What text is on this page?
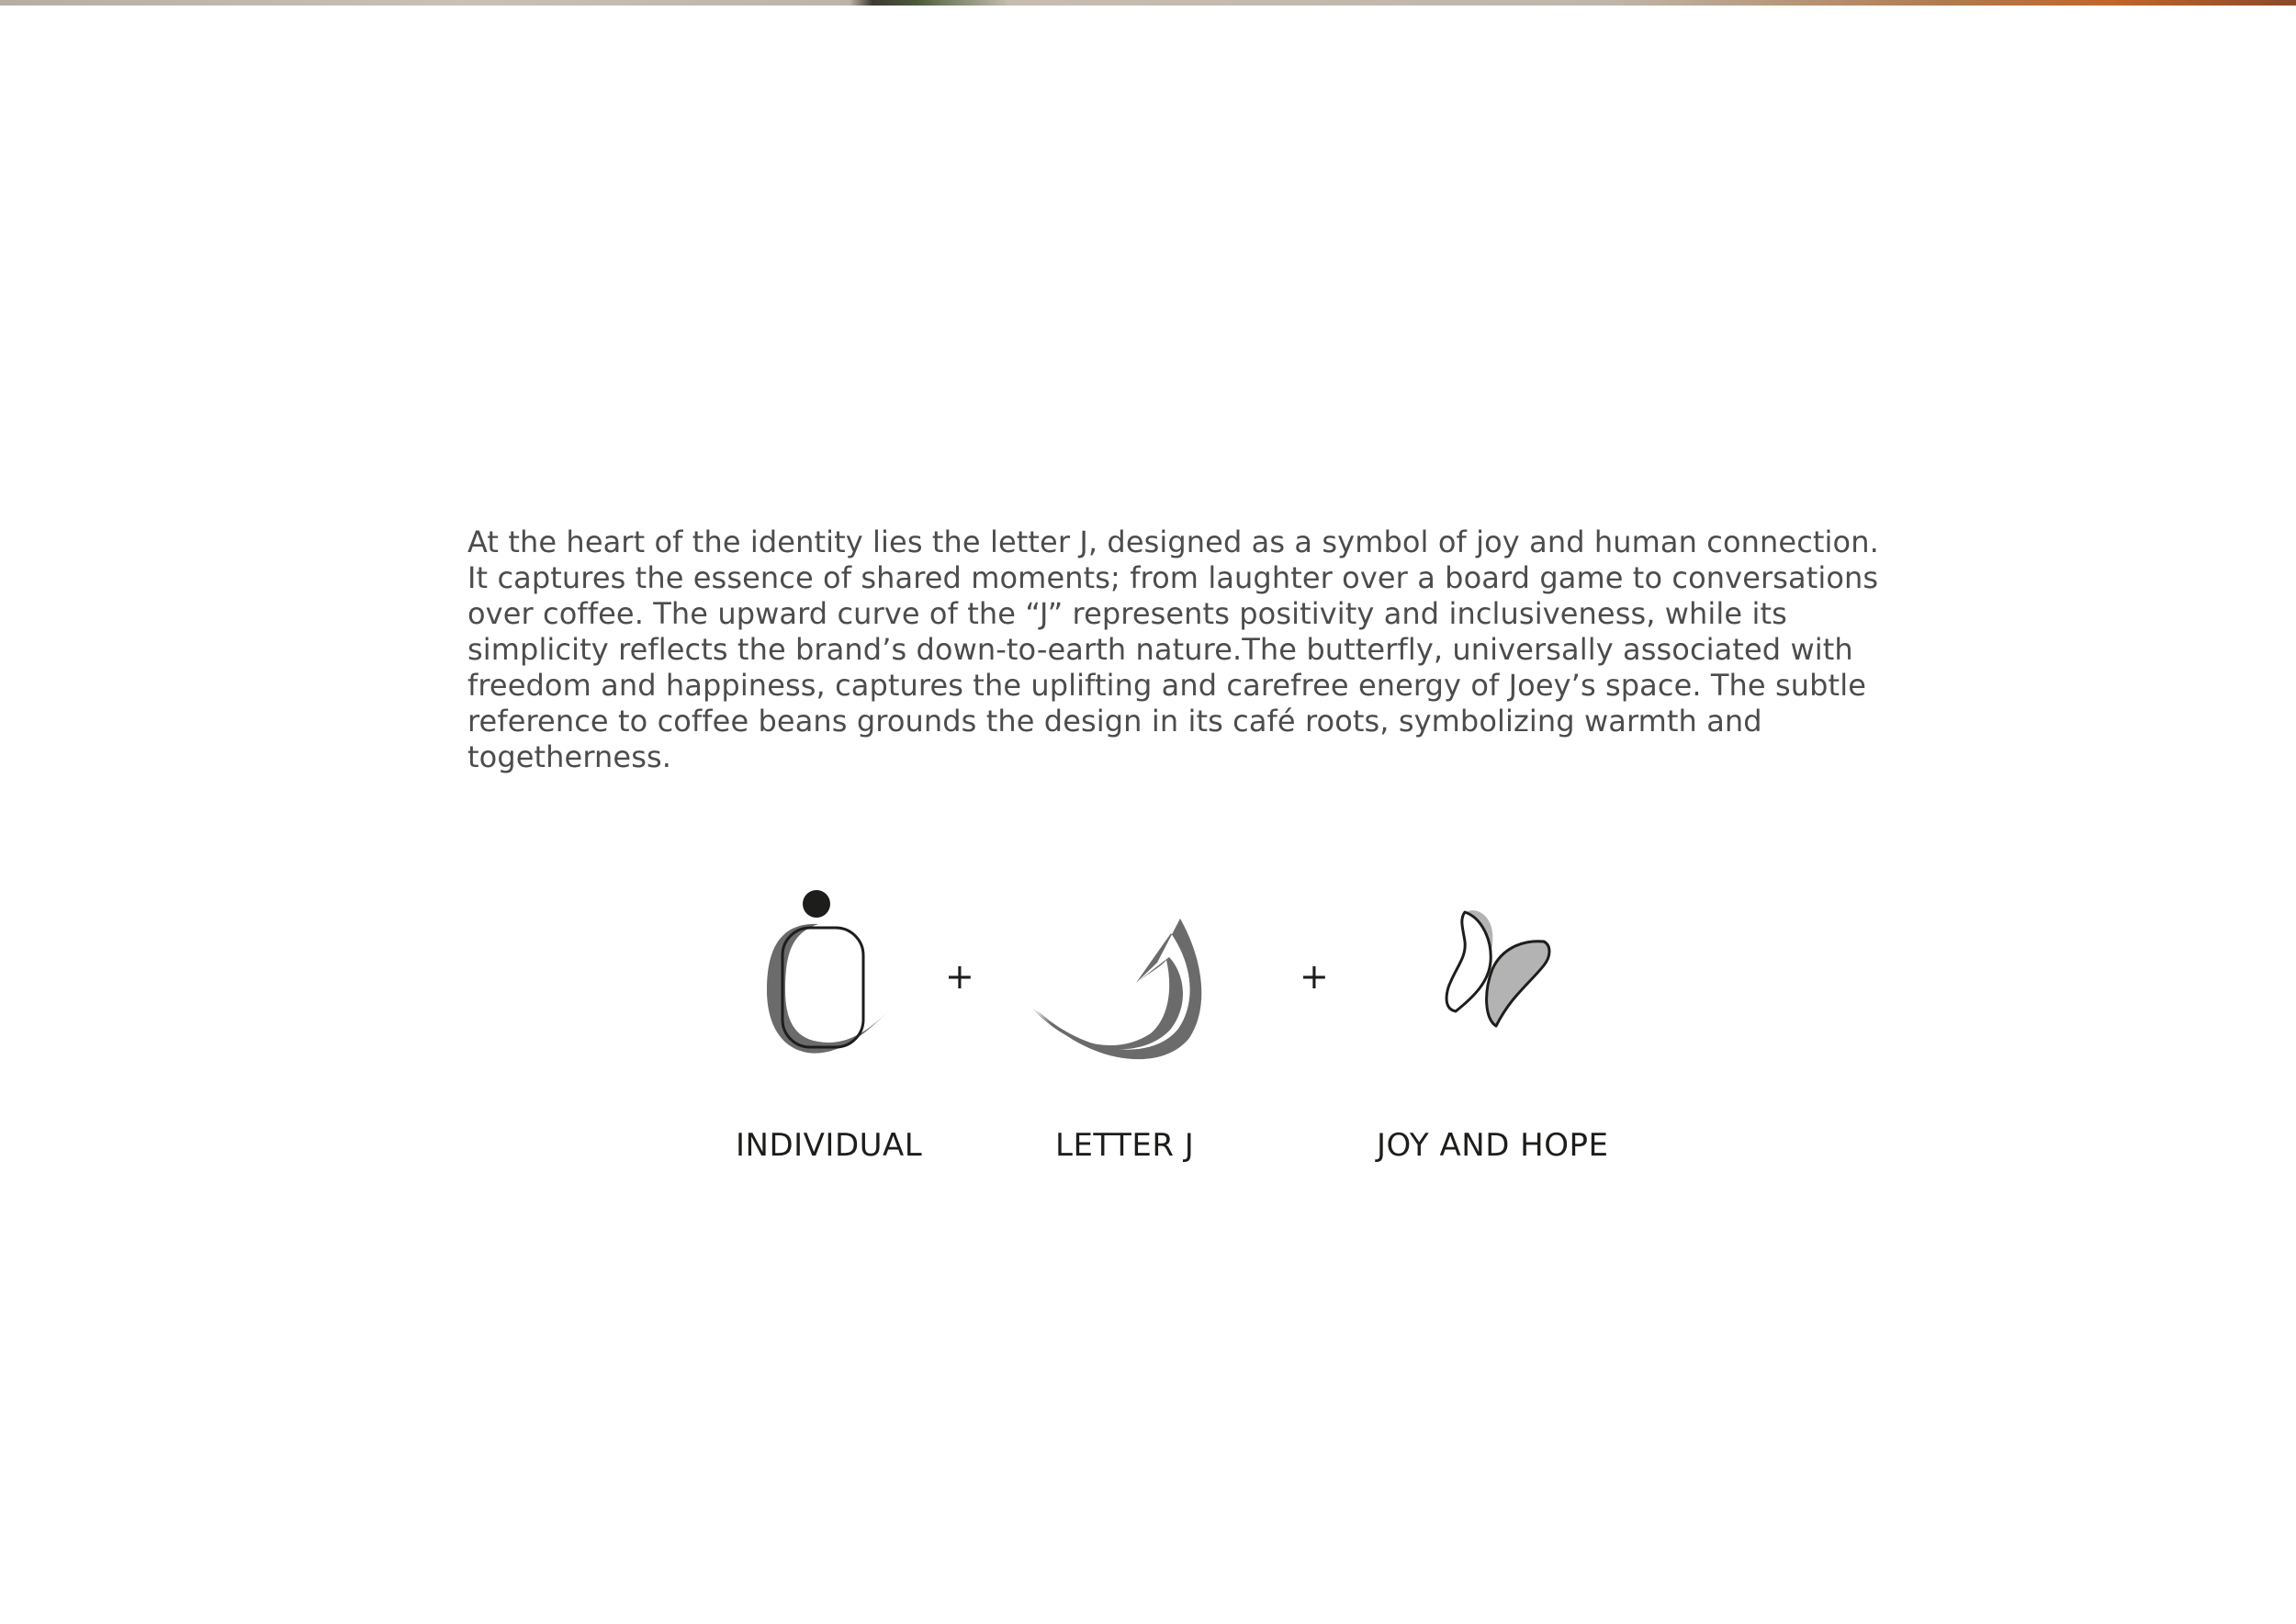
At the heart of the identity lies the letter J, designed as a symbol of joy and human connection. It captures the essence of shared moments; from laughter over a board game to conversations over coffee. The upward curve of the “J” represents positivity and inclusiveness, while its simplicity reflects the brand’s down-to-earth nature.The butterfly, universally associated with freedom and happiness, captures the uplifting and carefree energy of Joey’s space. The subtle reference to coffee beans grounds the design in its café roots, symbolizing warmth and togetherness.

+	+
INDIVIDUAL	LETTER J	JOY AND HOPE
